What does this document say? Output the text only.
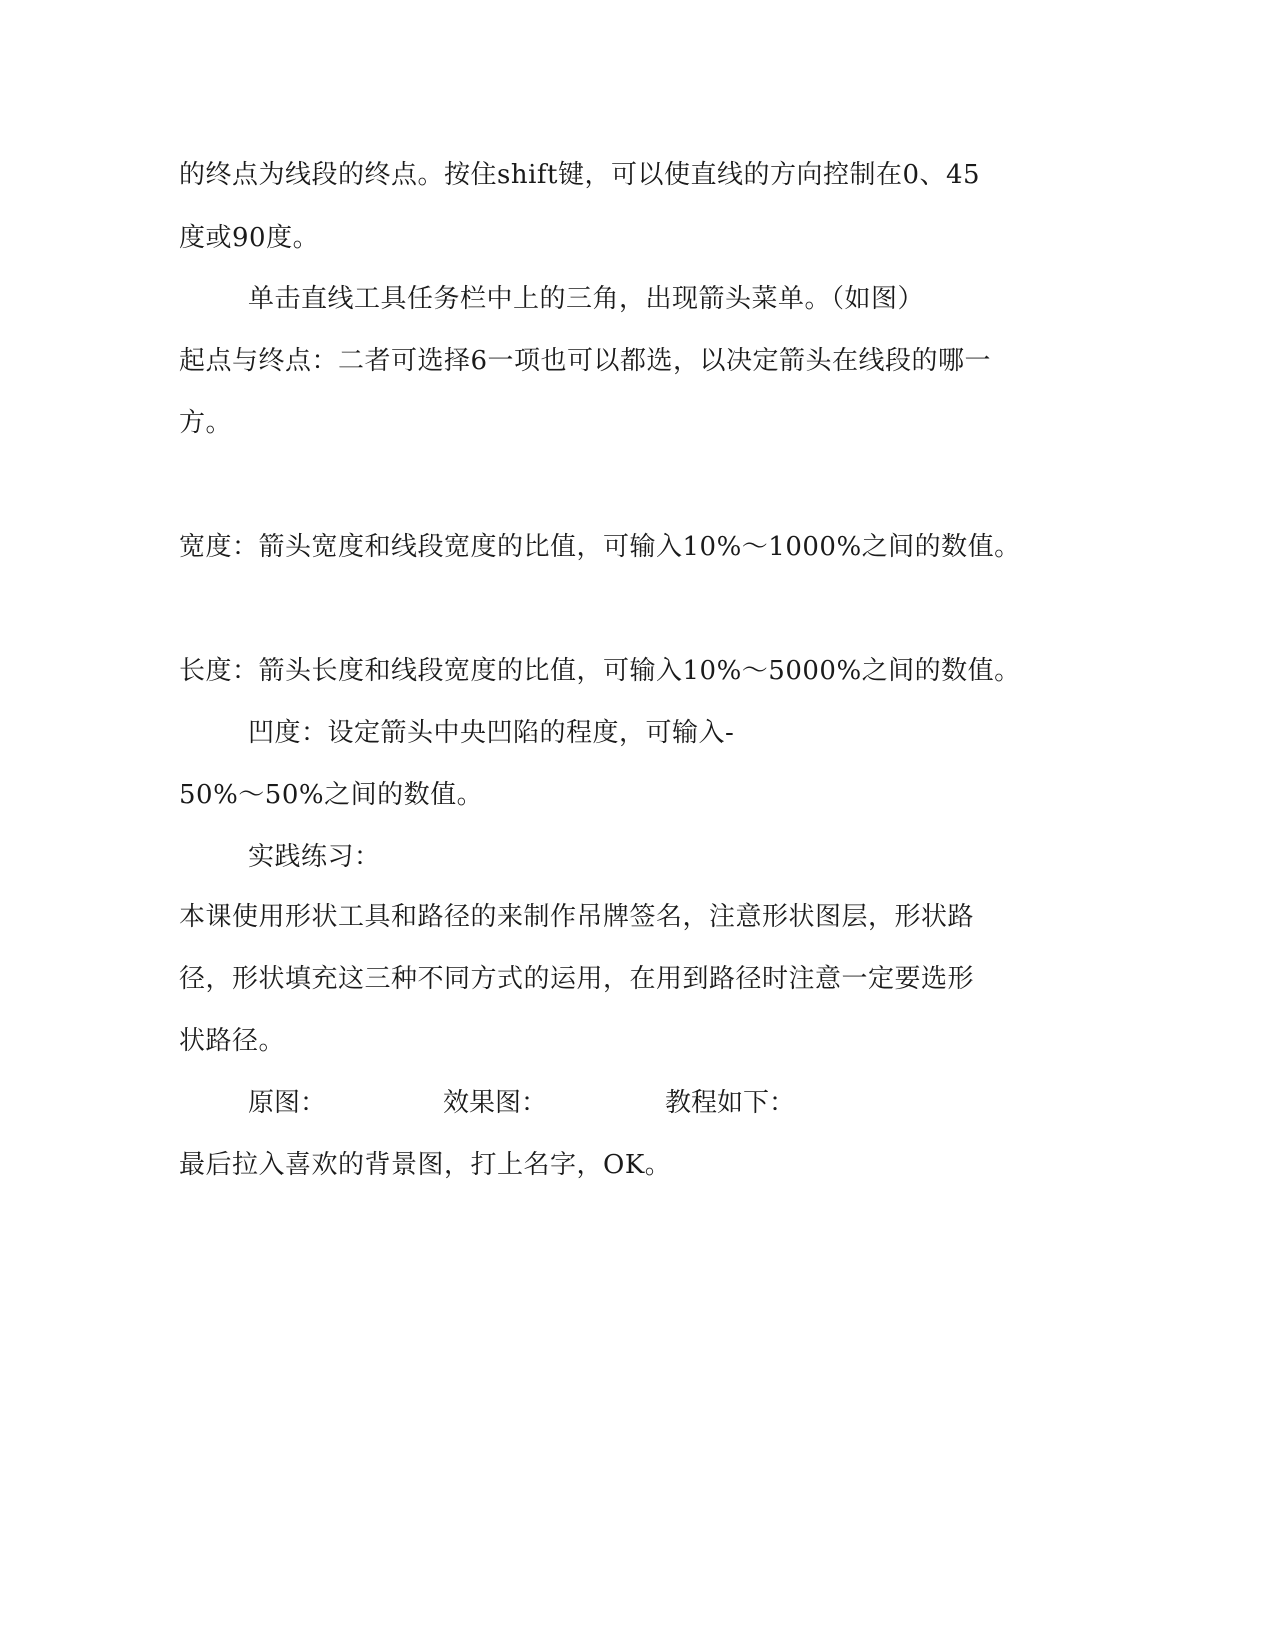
的终点为线段的终点。按住shift键，可以使直线的方向控制在0、45
度或90度。
单击直线工具任务栏中上的三角，出现箭头菜单。（如图）
起点与终点：二者可选择6一项也可以都选，以决定箭头在线段的哪一
方。
宽度：箭头宽度和线段宽度的比值，可输入10%～1000%之间的数值。
长度：箭头长度和线段宽度的比值，可输入10%～5000%之间的数值。
凹度：设定箭头中央凹陷的程度，可输入-
50%～50%之间的数值。
实践练习：
本课使用形状工具和路径的来制作吊牌签名，注意形状图层，形状路
径，形状填充这三种不同方式的运用，在用到路径时注意一定要选形
状路径。
原图：	效果图：	教程如下：
最后拉入喜欢的背景图，打上名字，OK。
